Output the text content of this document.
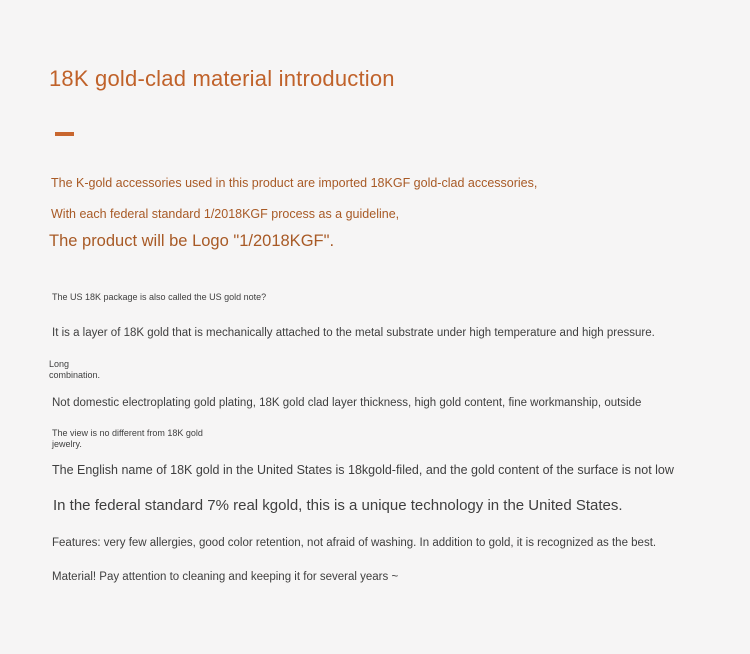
18K gold-clad material introduction
The K-gold accessories used in this product are imported 18KGF gold-clad accessories,
With each federal standard 1/2018KGF process as a guideline,
The product will be Logo "1/2018KGF".
The US 18K package is also called the US gold note?
It is a layer of 18K gold that is mechanically attached to the metal substrate under high temperature and high pressure.
Long
combination.
Not domestic electroplating gold plating, 18K gold clad layer thickness, high gold content, fine workmanship, outside
The view is no different from 18K gold
jewelry.
The English name of 18K gold in the United States is 18kgold-filed, and the gold content of the surface is not low
In the federal standard 7% real kgold, this is a unique technology in the United States.
Features: very few allergies, good color retention, not afraid of washing. In addition to gold, it is recognized as the best.
Material! Pay attention to cleaning and keeping it for several years ~
